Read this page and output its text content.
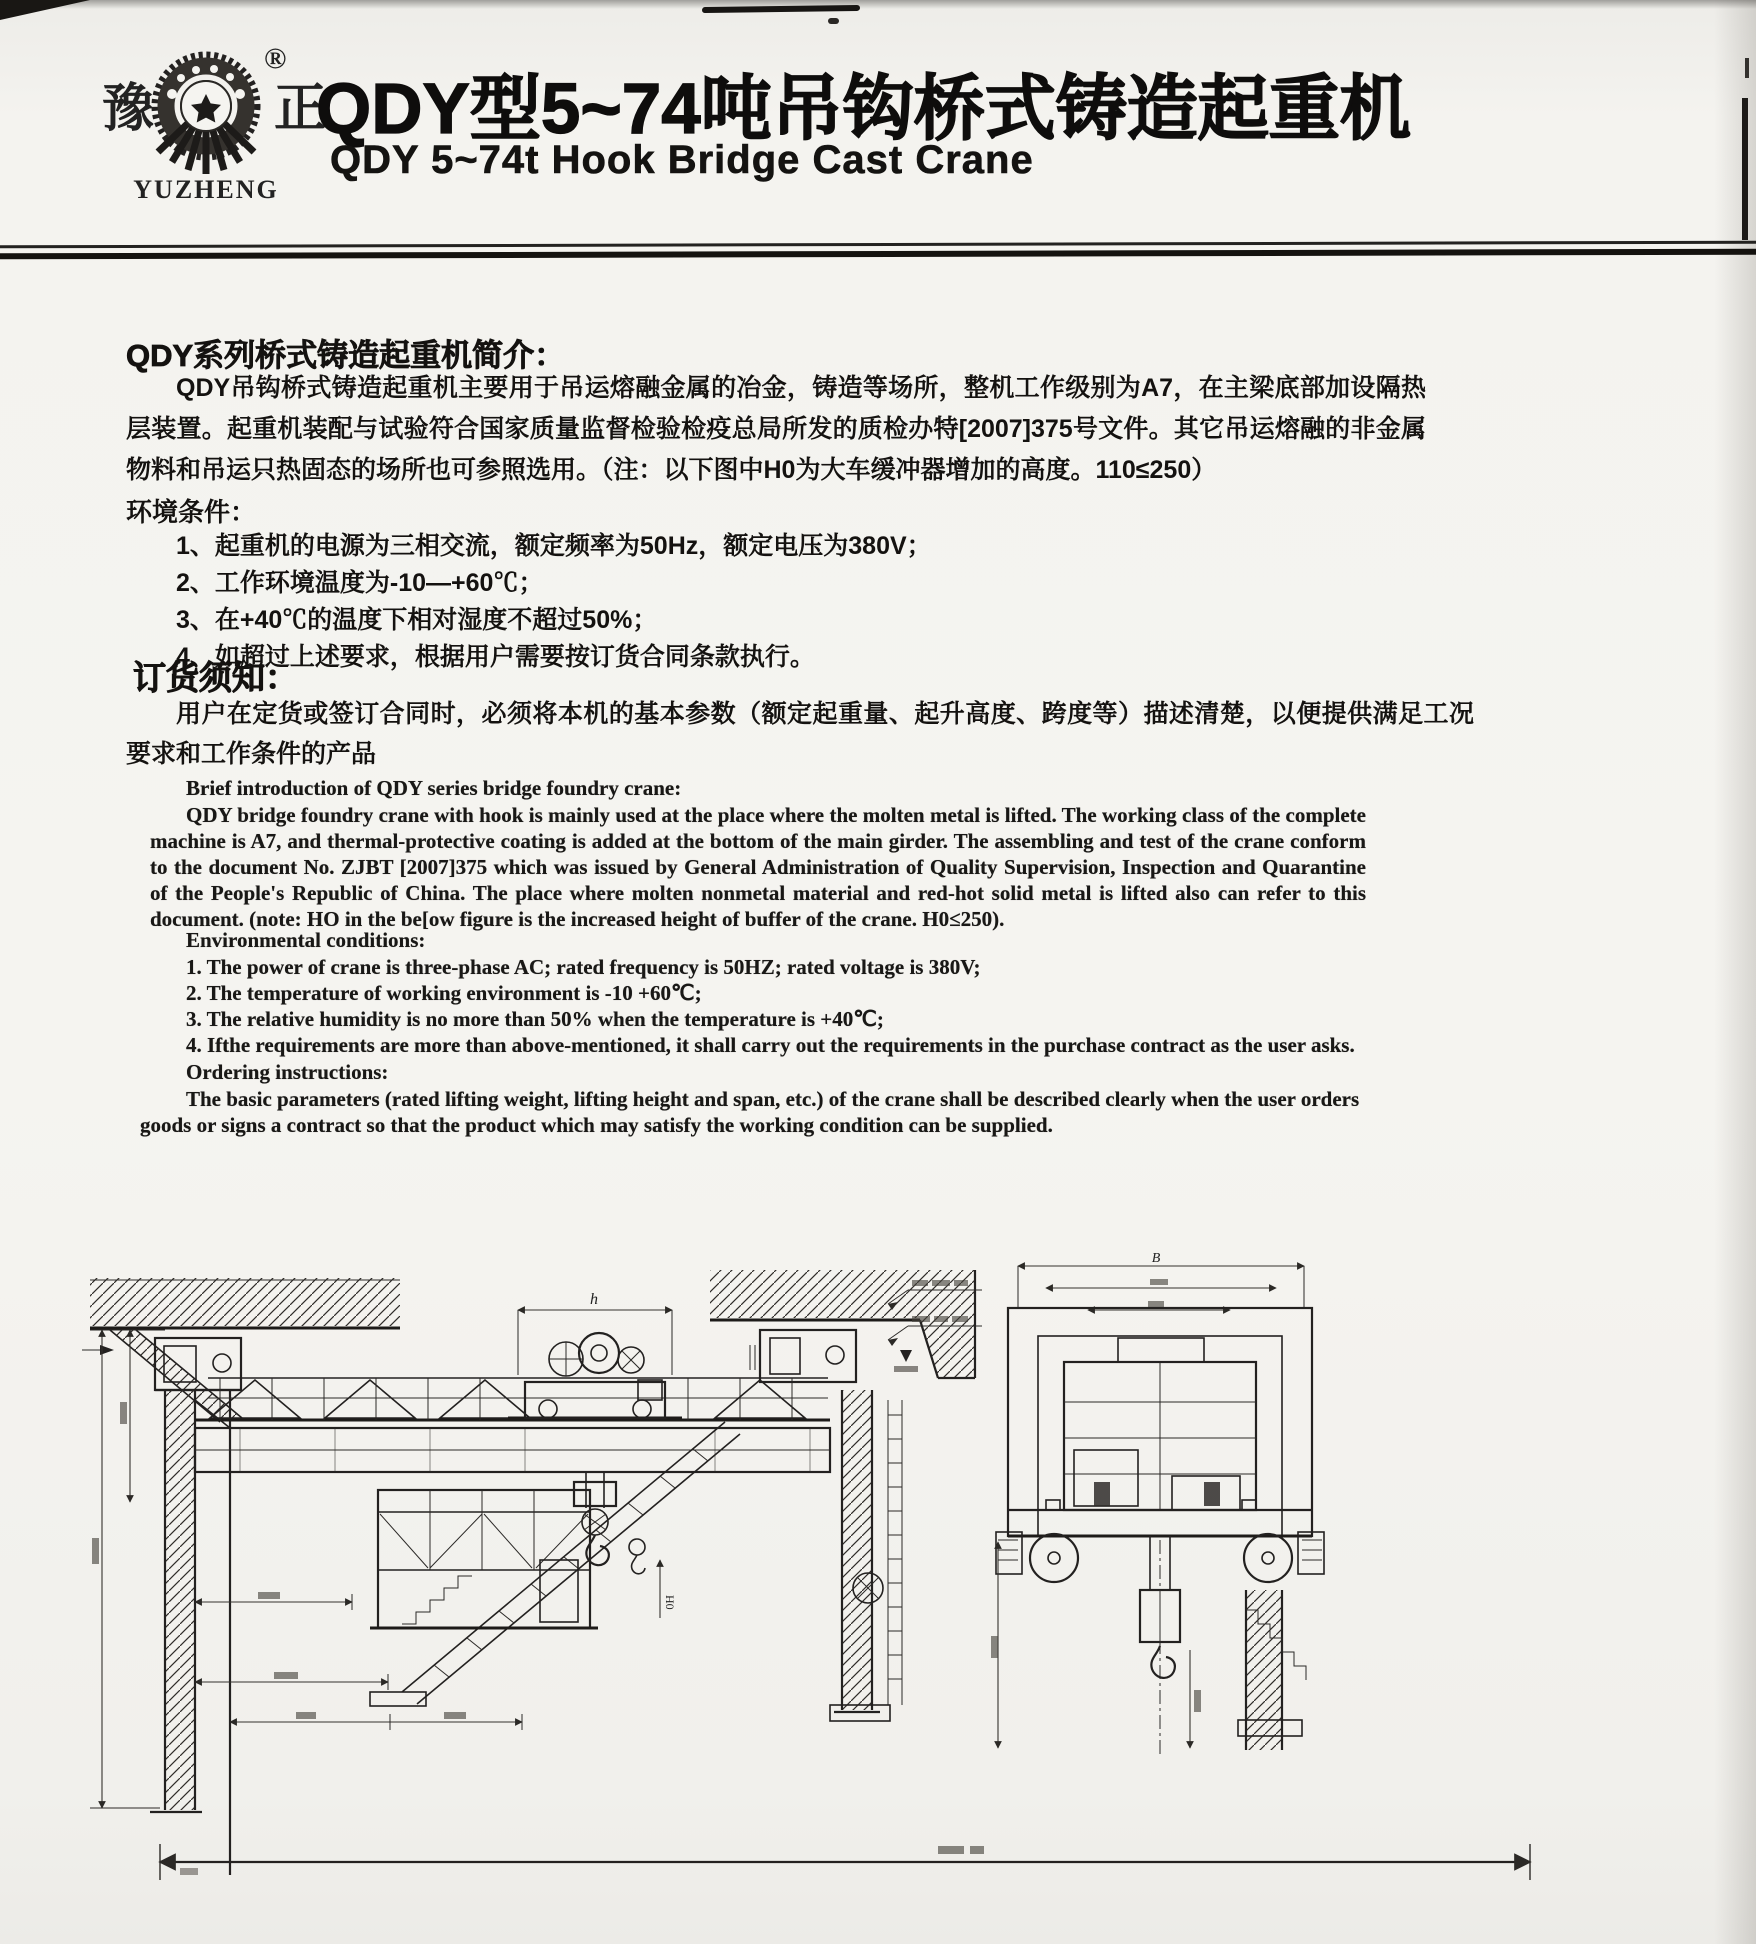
豫 正
®
YUZHENG
QDY型5~74吨吊钩桥式铸造起重机
QDY 5~74t Hook Bridge Cast Crane
QDY系列桥式铸造起重机简介：
QDY吊钩桥式铸造起重机主要用于吊运熔融金属的冶金，铸造等场所，整机工作级别为A7，在主梁底部加设隔热层装置。起重机装配与试验符合国家质量监督检验检疫总局所发的质检办特[2007]375号文件。其它吊运熔融的非金属物料和吊运只热固态的场所也可参照选用。（注：以下图中H0为大车缓冲器增加的高度。110≤250）
环境条件：
1、起重机的电源为三相交流，额定频率为50Hz，额定电压为380V；
2、工作环境温度为-10—+60℃；
3、在+40℃的温度下相对湿度不超过50%；
4、如超过上述要求，根据用户需要按订货合同条款执行。
订货须知：
用户在定货或签订合同时，必须将本机的基本参数（额定起重量、起升高度、跨度等）描述清楚，以便提供满足工况要求和工作条件的产品
Brief introduction of QDY series bridge foundry crane:
QDY bridge foundry crane with hook is mainly used at the place where the molten metal is lifted. The working class of the complete machine is A7, and thermal-protective coating is added at the bottom of the main girder. The assembling and test of the crane conform to the document No. ZJBT [2007]375 which was issued by General Administration of Quality Supervision, Inspection and Quarantine of the People's Republic of China. The place where molten nonmetal material and red-hot solid metal is lifted also can refer to this document. (note: HO in the be[ow figure is the increased height of buffer of the crane. H0≤250).
Environmental conditions:
1. The power of crane is three-phase AC; rated frequency is 50HZ; rated voltage is 380V;
2. The temperature of working environment is -10 +60℃;
3. The relative humidity is no more than 50% when the temperature is +40℃;
4. Ifthe requirements are more than above-mentioned, it shall carry out the requirements in the purchase contract as the user asks.
Ordering instructions:
The basic parameters (rated lifting weight, lifting height and span, etc.) of the crane shall be described clearly when the user orders goods or signs a contract so that the product which may satisfy the working condition can be supplied.
h
H0
B
